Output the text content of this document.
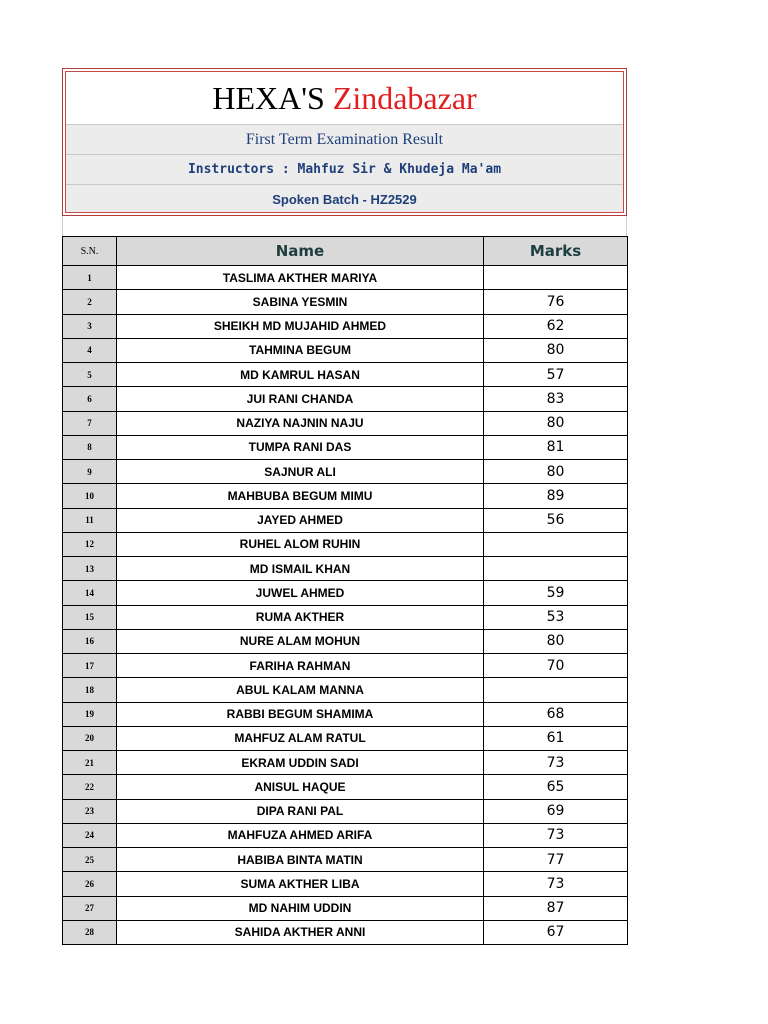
HEXA'S Zindabazar
First Term Examination Result
Instructors : Mahfuz Sir & Khudeja Ma'am
Spoken Batch - HZ2529
S.N.	Name	Marks
1	TASLIMA AKTHER MARIYA	
2	SABINA YESMIN	76
3	SHEIKH MD MUJAHID AHMED	62
4	TAHMINA BEGUM	80
5	MD KAMRUL HASAN	57
6	JUI RANI CHANDA	83
7	NAZIYA NAJNIN NAJU	80
8	TUMPA RANI DAS	81
9	SAJNUR ALI	80
10	MAHBUBA BEGUM MIMU	89
11	JAYED AHMED	56
12	RUHEL ALOM RUHIN	
13	MD ISMAIL KHAN	
14	JUWEL AHMED	59
15	RUMA AKTHER	53
16	NURE ALAM MOHUN	80
17	FARIHA RAHMAN	70
18	ABUL KALAM MANNA	
19	RABBI BEGUM SHAMIMA	68
20	MAHFUZ ALAM RATUL	61
21	EKRAM UDDIN SADI	73
22	ANISUL HAQUE	65
23	DIPA RANI PAL	69
24	MAHFUZA AHMED ARIFA	73
25	HABIBA BINTA MATIN	77
26	SUMA AKTHER LIBA	73
27	MD NAHIM UDDIN	87
28	SAHIDA AKTHER ANNI	67
